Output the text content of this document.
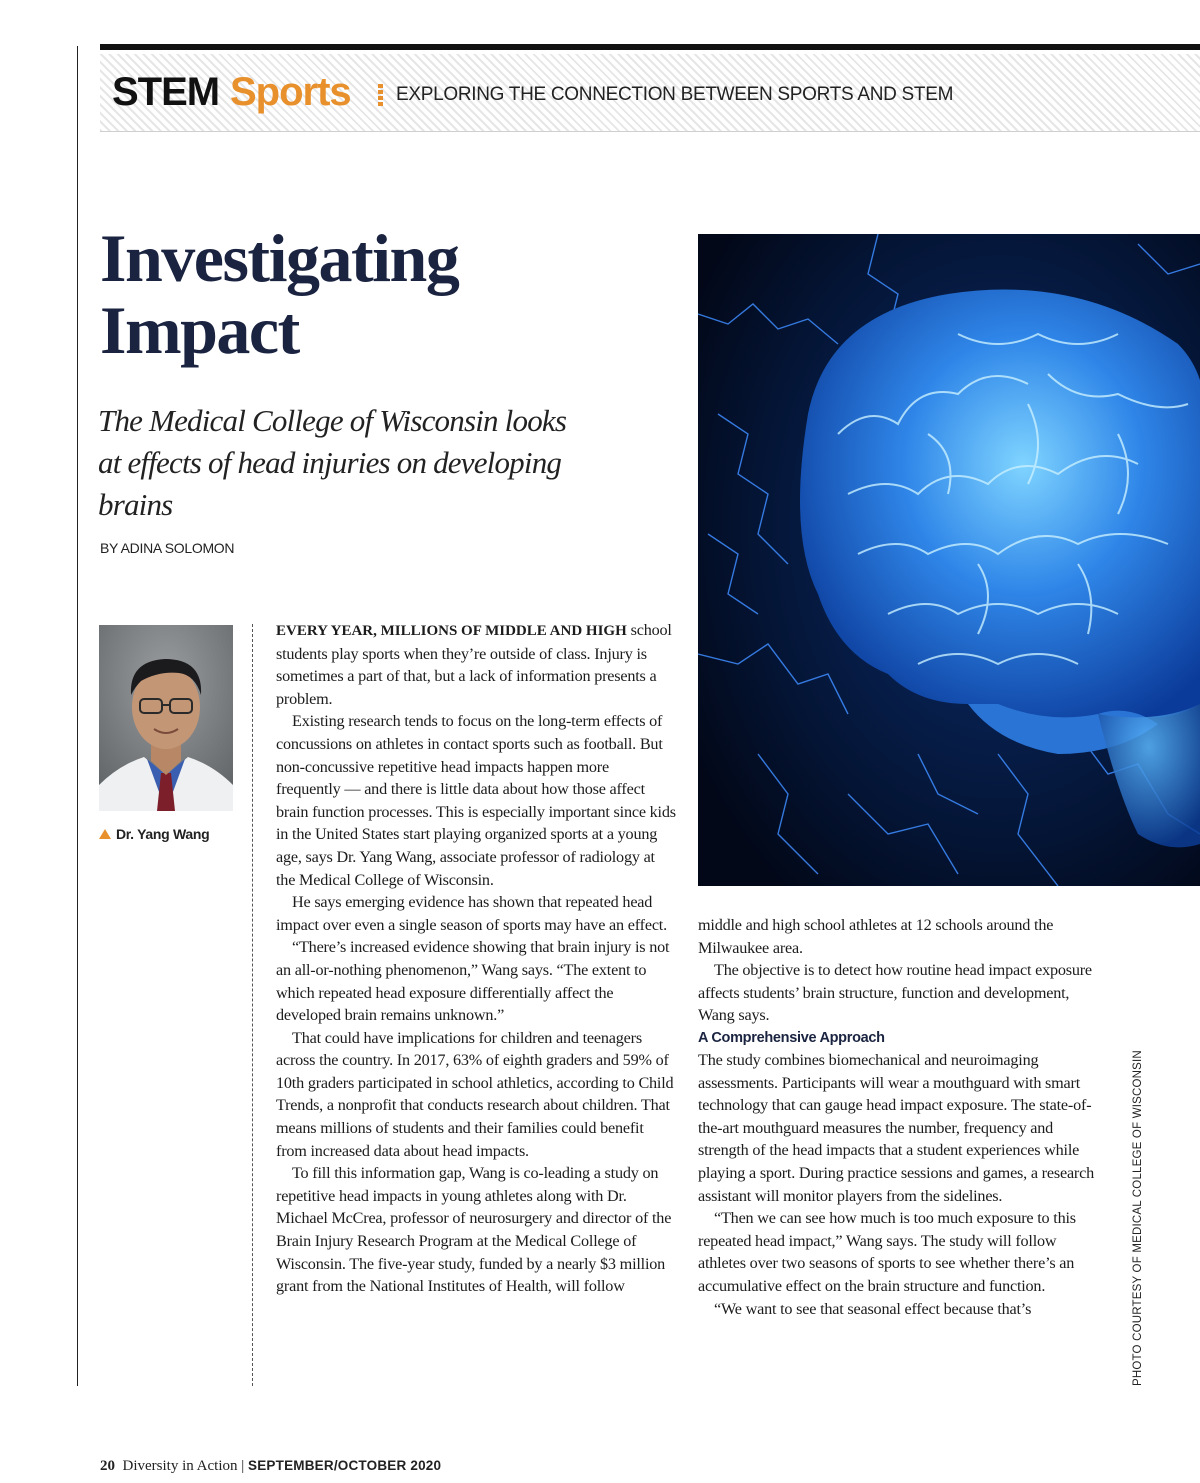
STEM Sports EXPLORING THE CONNECTION BETWEEN SPORTS AND STEM
Investigating
Impact
The Medical College of Wisconsin looks at effects of head injuries on developing brains
BY ADINA SOLOMON
Dr. Yang Wang

EVERY YEAR, MILLIONS OF MIDDLE AND HIGH school students play sports when they’re outside of class. Injury is sometimes a part of that, but a lack of information presents a problem.

Existing research tends to focus on the long-term effects of concussions on athletes in contact sports such as football. But non-concussive repetitive head impacts happen more frequently — and there is little data about how those affect brain function processes. This is especially important since kids in the United States start playing organized sports at a young age, says Dr. Yang Wang, associate professor of radiology at the Medical College of Wisconsin.

He says emerging evidence has shown that repeated head impact over even a single season of sports may have an effect.

“There’s increased evidence showing that brain injury is not an all-or-nothing phenomenon,” Wang says. “The extent to which repeated head exposure differentially affect the developed brain remains unknown.”

That could have implications for children and teenagers across the country. In 2017, 63% of eighth graders and 59% of 10th graders participated in school athletics, according to Child Trends, a nonprofit that conducts research about children. That means millions of students and their families could benefit from increased data about head impacts.

To fill this information gap, Wang is co-leading a study on repetitive head impacts in young athletes along with Dr. Michael McCrea, professor of neurosurgery and director of the Brain Injury Research Program at the Medical College of Wisconsin. The five-year study, funded by a nearly $3 million grant from the National Institutes of Health, will follow

middle and high school athletes at 12 schools around the Milwaukee area.

The objective is to detect how routine head impact exposure affects students’ brain structure, function and development, Wang says.

A Comprehensive Approach

The study combines biomechanical and neuroimaging assessments. Participants will wear a mouthguard with smart technology that can gauge head impact exposure. The state-of-the-art mouthguard measures the number, frequency and strength of the head impacts that a student experiences while playing a sport. During practice sessions and games, a research assistant will monitor players from the sidelines.

“Then we can see how much is too much exposure to this repeated head impact,” Wang says. The study will follow athletes over two seasons of sports to see whether there’s an accumulative effect on the brain structure and function.

“We want to see that seasonal effect because that’s	PHOTO COURTESY OF MEDICAL COLLEGE OF WISCONSIN
20 Diversity in Action | SEPTEMBER/OCTOBER 2020
